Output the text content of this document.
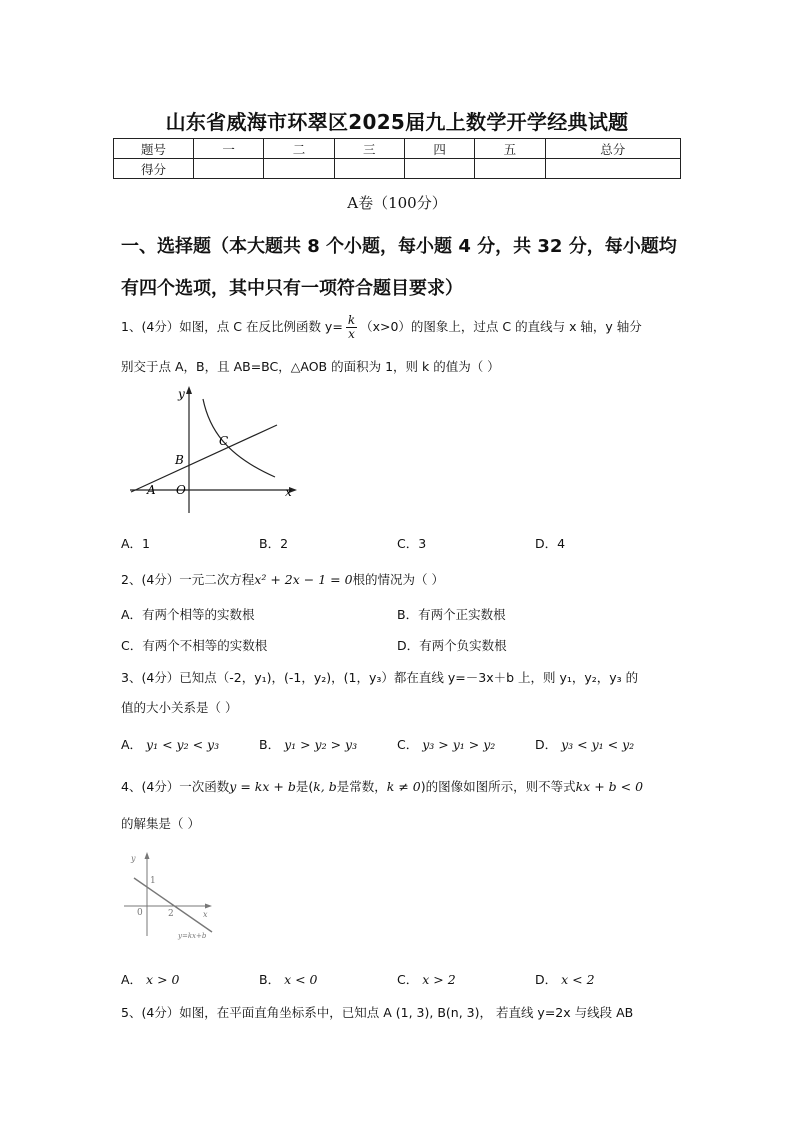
山东省威海市环翠区2025届九上数学开学经典试题
题号	一	二	三	四	五	总分
得分						
A卷（100分）
一、选择题（本大题共 8 个小题，每小题 4 分，共 32 分，每小题均
有四个选项，其中只有一项符合题目要求）
1、(4分）如图，点 C 在反比例函数 $y= \frac{k}{x} (x>0)$的图象上，过点 C 的直线与 x 轴，y 轴分
别交于点 A，B，且 AB=BC，△AOB 的面积为 1，则 k 的值为（ ）
y
x
C
B
A O
A．1	B．2	C．3	D．4
2、(4分）一元二次方程x² + 2x − 1 = 0根的情况为（ ）
A．有两个相等的实数根	B．有两个正实数根
C．有两个不相等的实数根	D．有两个负实数根
3、(4分）已知点（-2，y₁)，(-1，y₂)，(1，y₃）都在直线 y=－3x＋b 上，则 y₁，y₂，y₃ 的
值的大小关系是（ ）
A． y₁ < y₂ < y₃	B． y₁ > y₂ > y₃	C． y₃ > y₁ > y₂	D． y₃ < y₁ < y₂
4、(4分）一次函数y = kx + b是(k, b是常数，k ≠ 0)的图像如图所示，则不等式kx + b < 0
的解集是（ ）
y
1
0	2	x
y=kx+b
A． x > 0	B． x < 0	C． x > 2	D． x < 2
5、(4分）如图，在平面直角坐标系中，已知点 A (1, 3), B(n, 3)， 若直线 y=2x 与线段 AB
